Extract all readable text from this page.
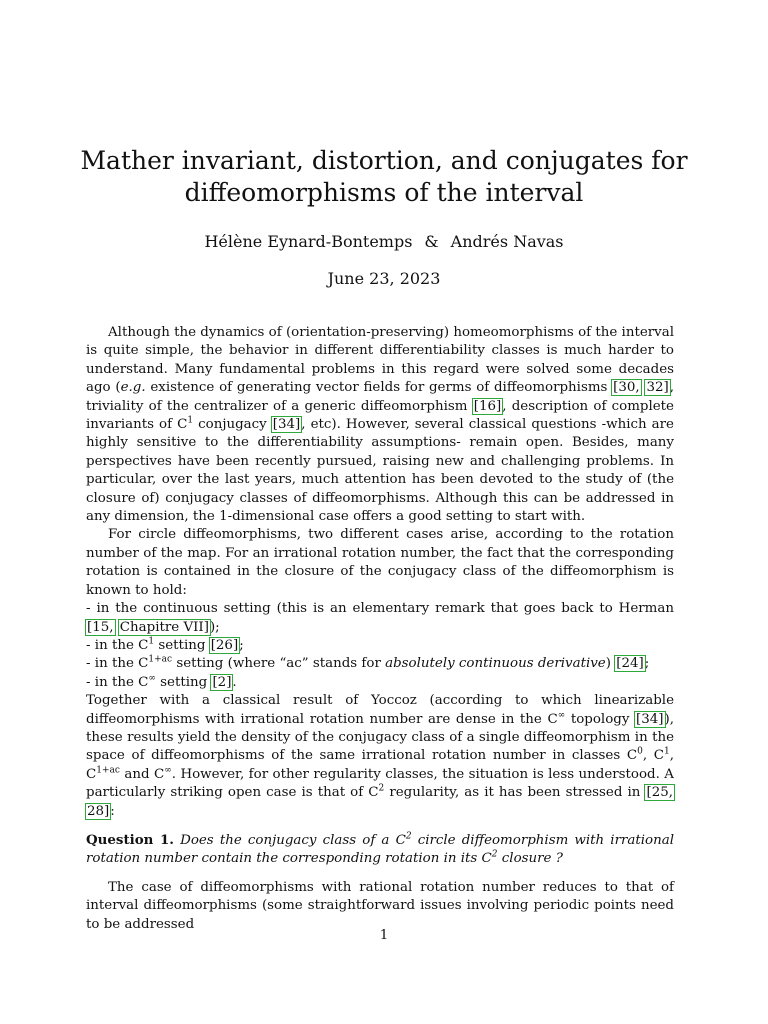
Mather invariant, distortion, and conjugates for
diffeomorphisms of the interval
Hélène Eynard-Bontemps & Andrés Navas
June 23, 2023

Although the dynamics of (orientation-preserving) homeomorphisms of the interval is quite simple, the behavior in different differentiability classes is much harder to understand. Many fundamental problems in this regard were solved some decades ago (e.g. existence of generating vector fields for germs of diffeomorphisms [30, 32], triviality of the centralizer of a generic diffeomorphism [16], description of complete invariants of $C^1$ conjugacy [34], etc). However, several classical questions -which are highly sensitive to the differentiability assumptions- remain open. Besides, many perspectives have been recently pursued, raising new and challenging problems. In particular, over the last years, much attention has been devoted to the study of (the closure of) conjugacy classes of diffeomorphisms. Although this can be addressed in any dimension, the 1-dimensional case offers a good setting to start with.

For circle diffeomorphisms, two different cases arise, according to the rotation number of the map. For an irrational rotation number, the fact that the corresponding rotation is contained in the closure of the conjugacy class of the diffeomorphism is known to hold:

- in the continuous setting (this is an elementary remark that goes back to Herman [15, Chapitre VII]);

- in the $C^1$ setting [26];

- in the $C^{1+ac}$ setting (where “ac” stands for absolutely continuous derivative) [24];

- in the C∞ setting [2].

Together with a classical result of Yoccoz (according to which linearizable diffeomorphisms with irrational rotation number are dense in the C∞ topology [34]), these results yield the density of the conjugacy class of a single diffeomorphism in the space of diffeomorphisms of the same irrational rotation number in classes $C^0$, $C^1$, $C^{1+ac}$ and C∞. However, for other regularity classes, the situation is less understood. A particularly striking open case is that of $C^2$ regularity, as it has been stressed in [25, 28]:

Question 1. Does the conjugacy class of a $C^2$ circle diffeomorphism with irrational rotation number contain the corresponding rotation in its $C^2$ closure ?

The case of diffeomorphisms with rational rotation number reduces to that of interval diffeomorphisms (some straightforward issues involving periodic points need to be addressed

1
